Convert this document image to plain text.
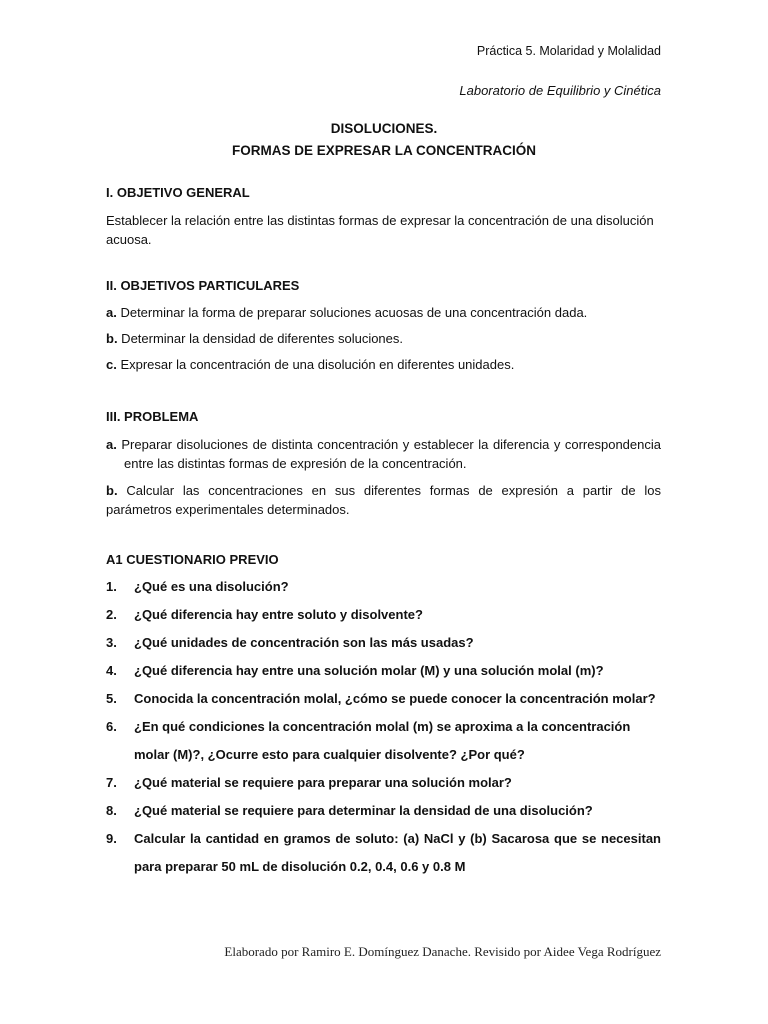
Práctica 5. Molaridad y Molalidad
Laboratorio de Equilibrio y Cinética
DISOLUCIONES.
FORMAS DE EXPRESAR LA CONCENTRACIÓN

I. OBJETIVO GENERAL

Establecer la relación entre las distintas formas de expresar la concentración de una disolución acuosa.

II. OBJETIVOS PARTICULARES

a. Determinar la forma de preparar soluciones acuosas de una concentración dada.

b. Determinar la densidad de diferentes soluciones.

c. Expresar la concentración de una disolución en diferentes unidades.

III. PROBLEMA

a. Preparar disoluciones de distinta concentración y establecer la diferencia y correspondencia entre las distintas formas de expresión de la concentración.

b. Calcular las concentraciones en sus diferentes formas de expresión a partir de los parámetros experimentales determinados.

A1 CUESTIONARIO PREVIO

1. ¿Qué es una disolución?
2. ¿Qué diferencia hay entre soluto y disolvente?
3. ¿Qué unidades de concentración son las más usadas?
4. ¿Qué diferencia hay entre una solución molar (M) y una solución molal (m)?
5. Conocida la concentración molal, ¿cómo se puede conocer la concentración molar?
6. ¿En qué condiciones la concentración molal (m) se aproxima a la concentración molar (M)?, ¿Ocurre esto para cualquier disolvente? ¿Por qué?
7. ¿Qué material se requiere para preparar una solución molar?
8. ¿Qué material se requiere para determinar la densidad de una disolución?
9. Calcular la cantidad en gramos de soluto: (a) NaCl y (b) Sacarosa que se necesitan para preparar 50 mL de disolución 0.2, 0.4, 0.6 y 0.8 M
Elaborado por Ramiro E. Domínguez Danache. Revisido por Aidee Vega Rodríguez
